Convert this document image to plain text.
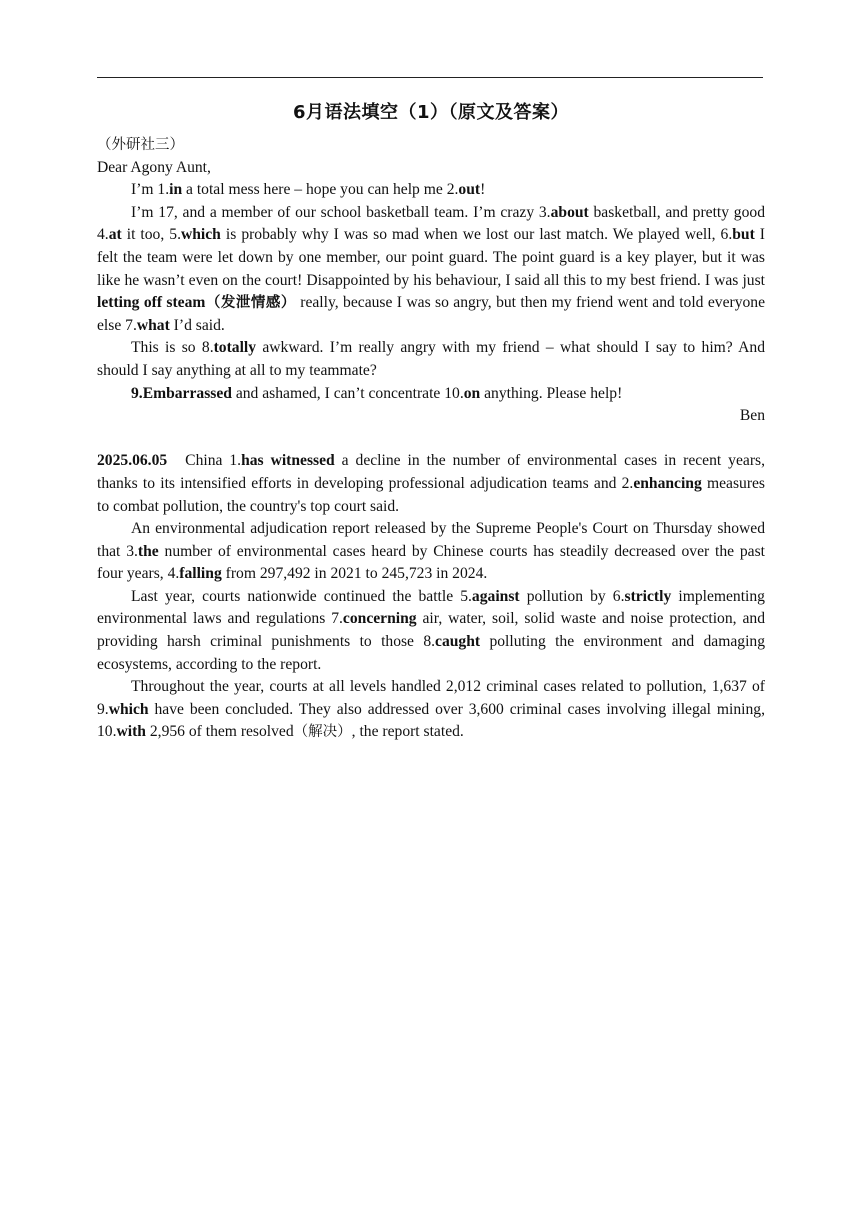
6月语法填空（1）（原文及答案）

（外研社三）

Dear Agony Aunt,

I’m 1.in a total mess here – hope you can help me 2.out!

I’m 17, and a member of our school basketball team. I’m crazy 3.about basketball, and pretty good 4.at it too, 5.which is probably why I was so mad when we lost our last match. We played well, 6.but I felt the team were let down by one member, our point guard. The point guard is a key player, but it was like he wasn’t even on the court! Disappointed by his behaviour, I said all this to my best friend. I was just letting off steam（发泄情感） really, because I was so angry, but then my friend went and told everyone else 7.what I’d said.

This is so 8.totally awkward. I’m really angry with my friend – what should I say to him? And should I say anything at all to my teammate?

9.Embarrassed and ashamed, I can’t concentrate 10.on anything. Please help!

Ben

2025.06.05 China 1.has witnessed a decline in the number of environmental cases in recent years, thanks to its intensified efforts in developing professional adjudication teams and 2.enhancing measures to combat pollution, the country's top court said.

An environmental adjudication report released by the Supreme People's Court on Thursday showed that 3.the number of environmental cases heard by Chinese courts has steadily decreased over the past four years, 4.falling from 297,492 in 2021 to 245,723 in 2024.

Last year, courts nationwide continued the battle 5.against pollution by 6.strictly implementing environmental laws and regulations 7.concerning air, water, soil, solid waste and noise protection, and providing harsh criminal punishments to those 8.caught polluting the environment and damaging ecosystems, according to the report.

Throughout the year, courts at all levels handled 2,012 criminal cases related to pollution, 1,637 of 9.which have been concluded. They also addressed over 3,600 criminal cases involving illegal mining, 10.with 2,956 of them resolved（解决）, the report stated.
